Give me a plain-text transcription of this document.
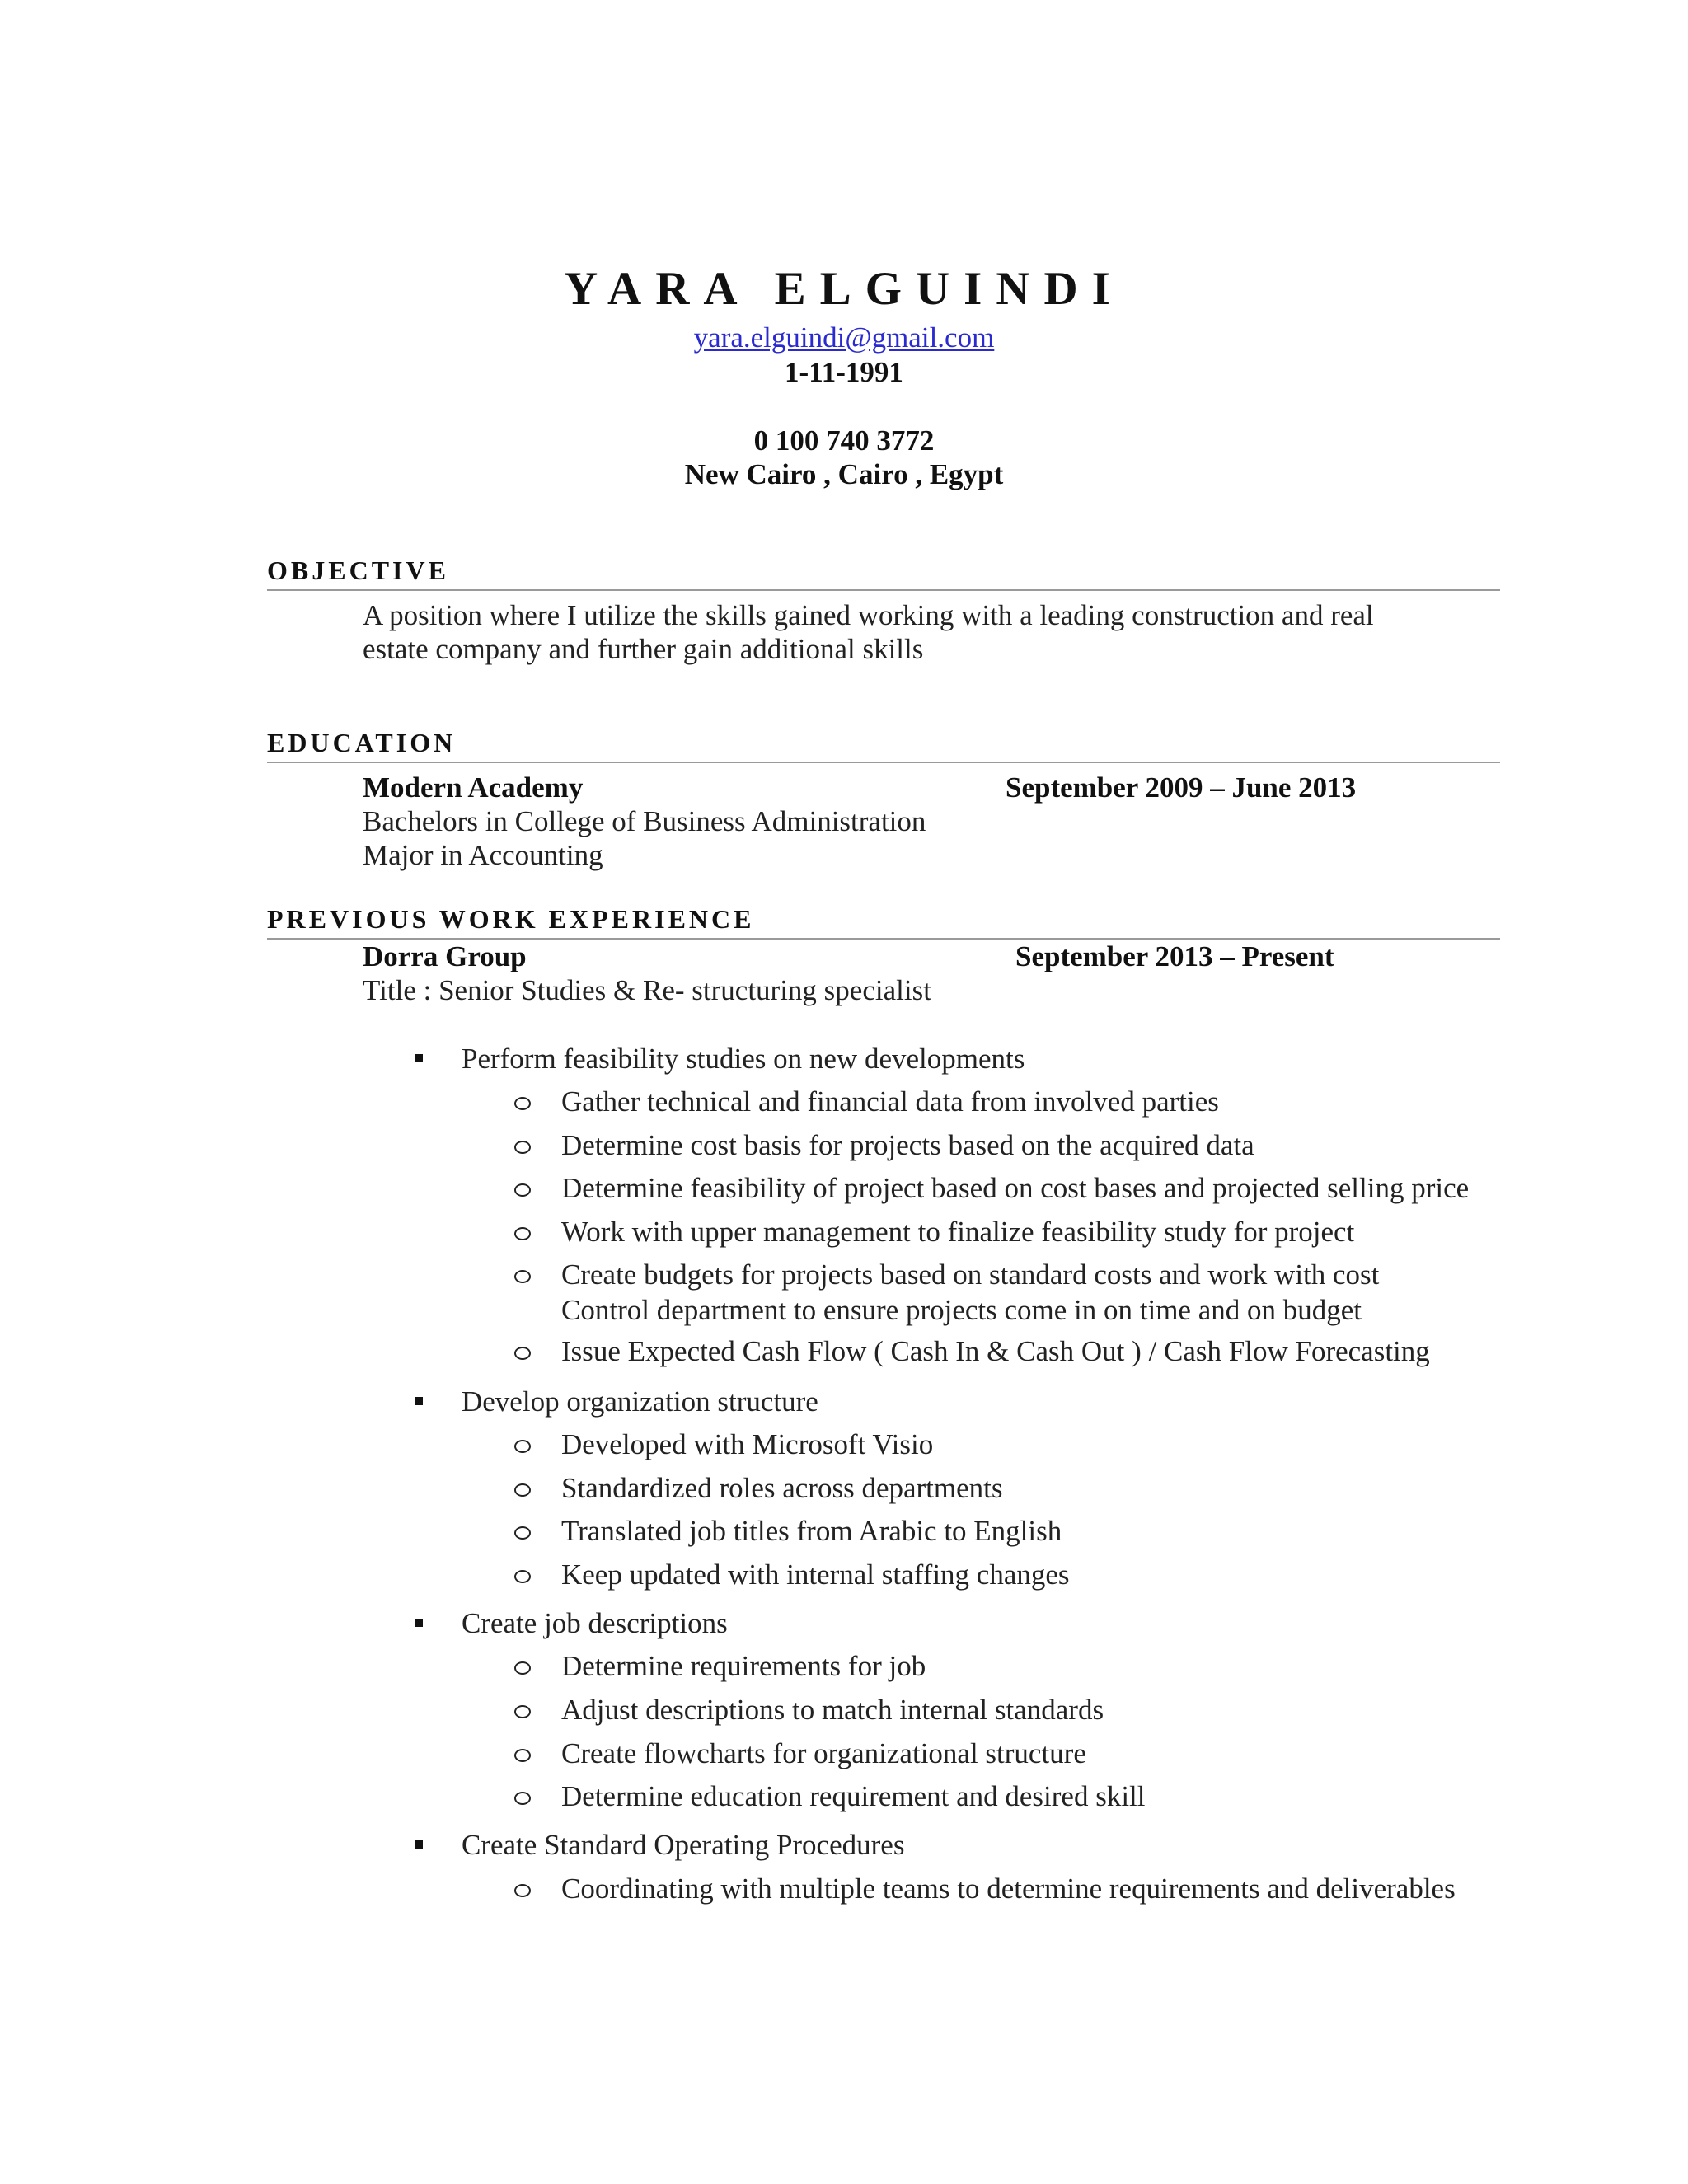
YARA ELGUINDI
yara.elguindi@gmail.com
1-11-1991
0 100 740 3772
New Cairo , Cairo , Egypt
OBJECTIVE
A position where I utilize the skills gained working with a leading construction and real
estate company and further gain additional skills
EDUCATION
Modern Academy	September 2009 – June 2013
Bachelors in College of Business Administration
Major in Accounting
PREVIOUS WORK EXPERIENCE
Dorra Group	September 2013 – Present
Title : Senior Studies & Re- structuring specialist
Perform feasibility studies on new developments
Gather technical and financial data from involved parties
Determine cost basis for projects based on the acquired data
Determine feasibility of project based on cost bases and projected selling price
Work with upper management to finalize feasibility study for project
Create budgets for projects based on standard costs and work with cost
Control department to ensure projects come in on time and on budget
Issue Expected Cash Flow ( Cash In & Cash Out ) / Cash Flow Forecasting
Develop organization structure
Developed with Microsoft Visio
Standardized roles across departments
Translated job titles from Arabic to English
Keep updated with internal staffing changes
Create job descriptions
Determine requirements for job
Adjust descriptions to match internal standards
Create flowcharts for organizational structure
Determine education requirement and desired skill
Create Standard Operating Procedures
Coordinating with multiple teams to determine requirements and deliverables
